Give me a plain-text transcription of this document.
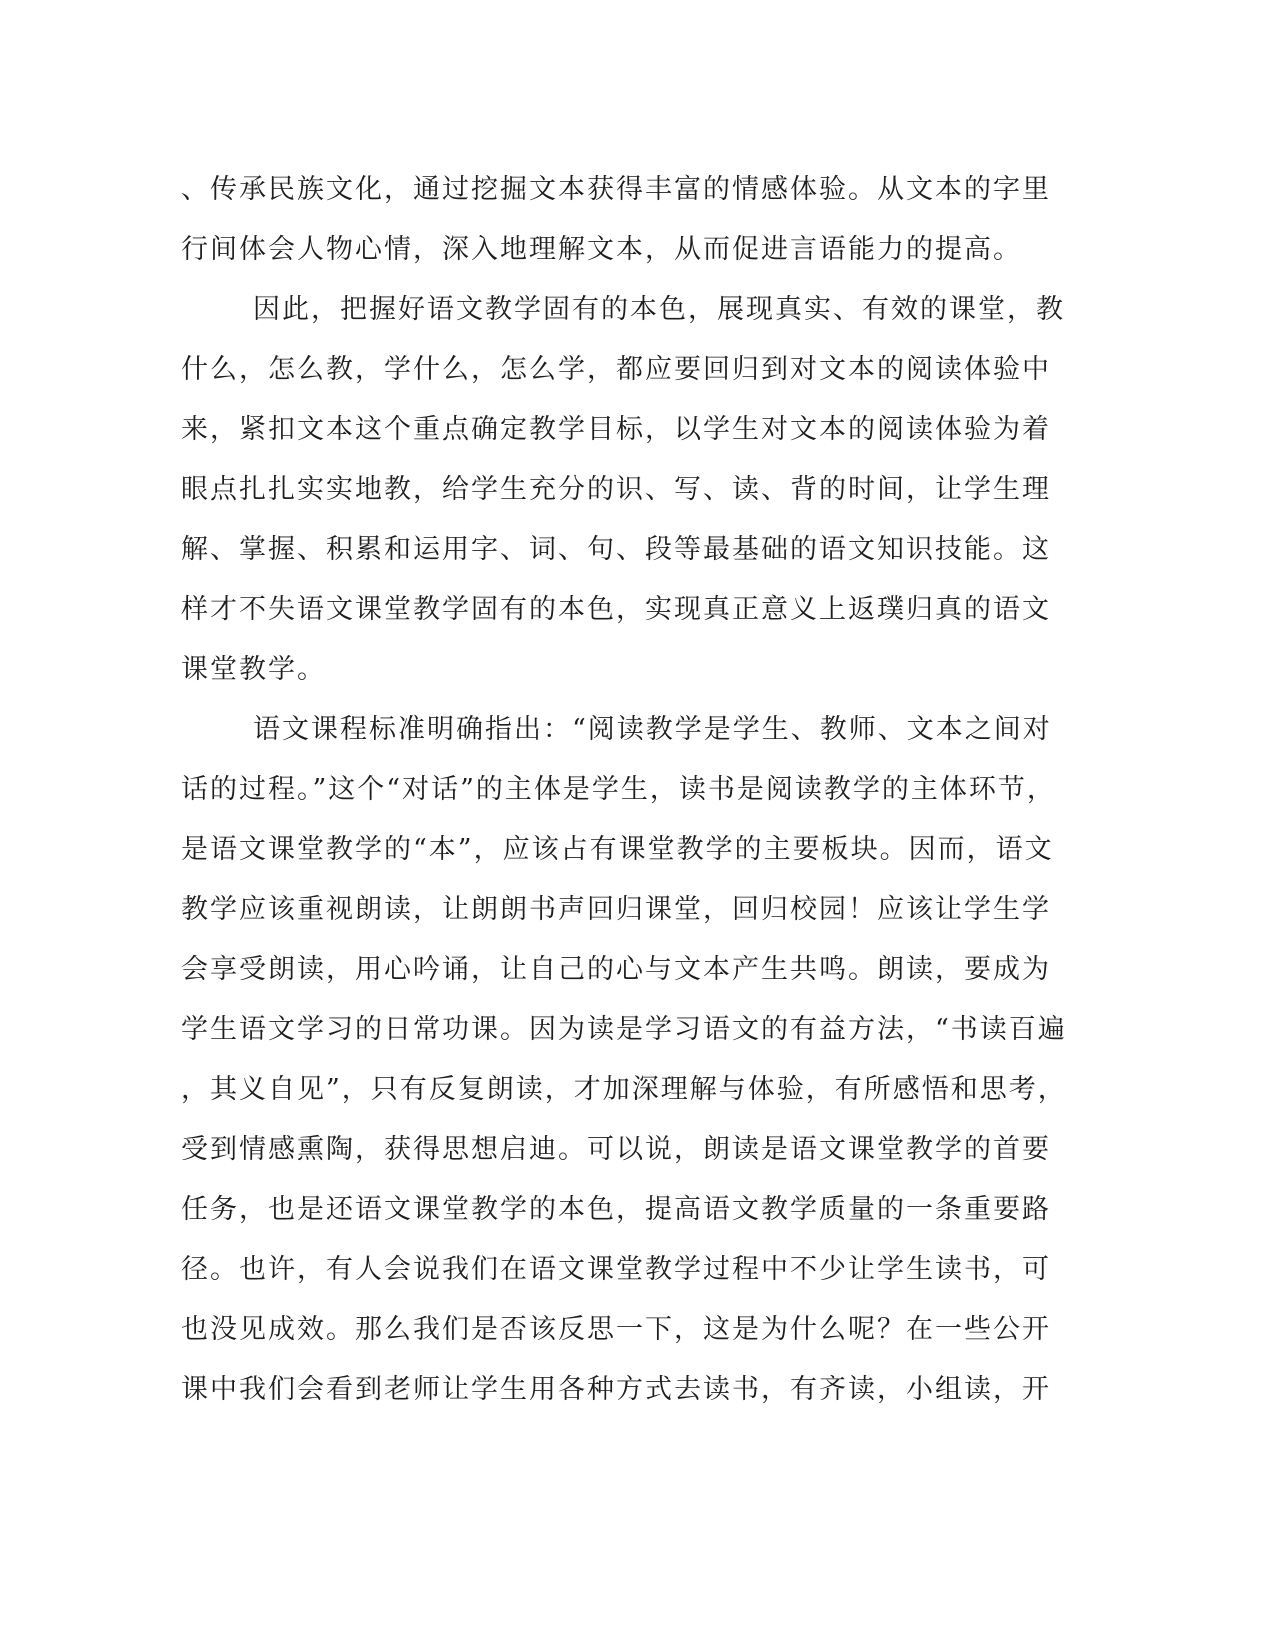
、传承民族文化，通过挖掘文本获得丰富的情感体验。从文本的字里
行间体会人物心情，深入地理解文本，从而促进言语能力的提高。
因此，把握好语文教学固有的本色，展现真实、有效的课堂，教
什么，怎么教，学什么，怎么学，都应要回归到对文本的阅读体验中
来，紧扣文本这个重点确定教学目标，以学生对文本的阅读体验为着
眼点扎扎实实地教，给学生充分的识、写、读、背的时间，让学生理
解、掌握、积累和运用字、词、句、段等最基础的语文知识技能。这
样才不失语文课堂教学固有的本色，实现真正意义上返璞归真的语文
课堂教学。
语文课程标准明确指出：“阅读教学是学生、教师、文本之间对
话的过程。”这个“对话”的主体是学生，读书是阅读教学的主体环节，
是语文课堂教学的“本”，应该占有课堂教学的主要板块。因而，语文
教学应该重视朗读，让朗朗书声回归课堂，回归校园！应该让学生学
会享受朗读，用心吟诵，让自己的心与文本产生共鸣。朗读，要成为
学生语文学习的日常功课。因为读是学习语文的有益方法，“书读百遍
，其义自见”，只有反复朗读，才加深理解与体验，有所感悟和思考，
受到情感熏陶，获得思想启迪。可以说，朗读是语文课堂教学的首要
任务，也是还语文课堂教学的本色，提高语文教学质量的一条重要路
径。也许，有人会说我们在语文课堂教学过程中不少让学生读书，可
也没见成效。那么我们是否该反思一下，这是为什么呢？在一些公开
课中我们会看到老师让学生用各种方式去读书，有齐读，小组读，开
